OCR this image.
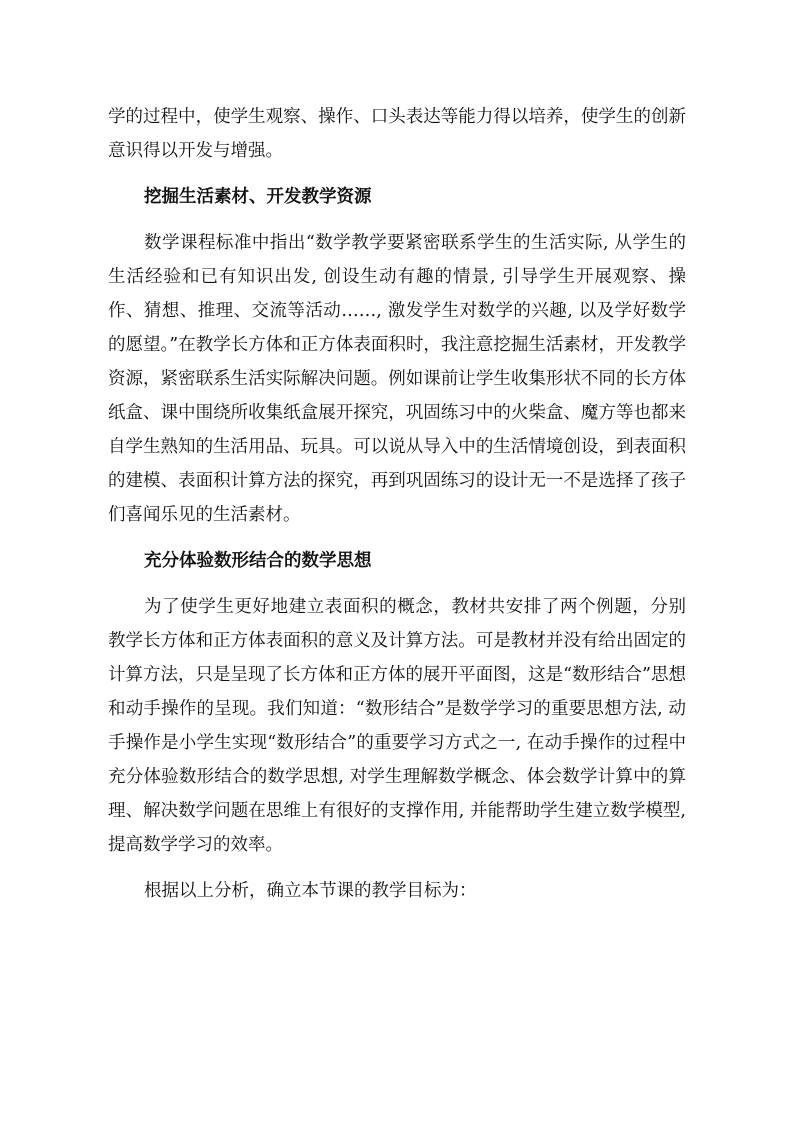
学的过程中，使学生观察、操作、口头表达等能力得以培养，使学生的创新意识得以开发与增强。

挖掘生活素材、开发教学资源

数学课程标准中指出“数学教学要紧密联系学生的生活实际, 从学生的生活经验和已有知识出发, 创设生动有趣的情景, 引导学生开展观察、操作、猜想、推理、交流等活动……, 激发学生对数学的兴趣, 以及学好数学的愿望。”在教学长方体和正方体表面积时，我注意挖掘生活素材，开发教学资源，紧密联系生活实际解决问题。例如课前让学生收集形状不同的长方体纸盒、课中围绕所收集纸盒展开探究，巩固练习中的火柴盒、魔方等也都来自学生熟知的生活用品、玩具。可以说从导入中的生活情境创设，到表面积的建模、表面积计算方法的探究，再到巩固练习的设计无一不是选择了孩子们喜闻乐见的生活素材。

充分体验数形结合的数学思想

为了使学生更好地建立表面积的概念，教材共安排了两个例题，分别教学长方体和正方体表面积的意义及计算方法。可是教材并没有给出固定的计算方法，只是呈现了长方体和正方体的展开平面图，这是“数形结合”思想和动手操作的呈现。我们知道：“数形结合”是数学学习的重要思想方法, 动手操作是小学生实现“数形结合”的重要学习方式之一, 在动手操作的过程中充分体验数形结合的数学思想, 对学生理解数学概念、体会数学计算中的算理、解决数学问题在思维上有很好的支撑作用, 并能帮助学生建立数学模型, 提高数学学习的效率。

根据以上分析，确立本节课的教学目标为：
